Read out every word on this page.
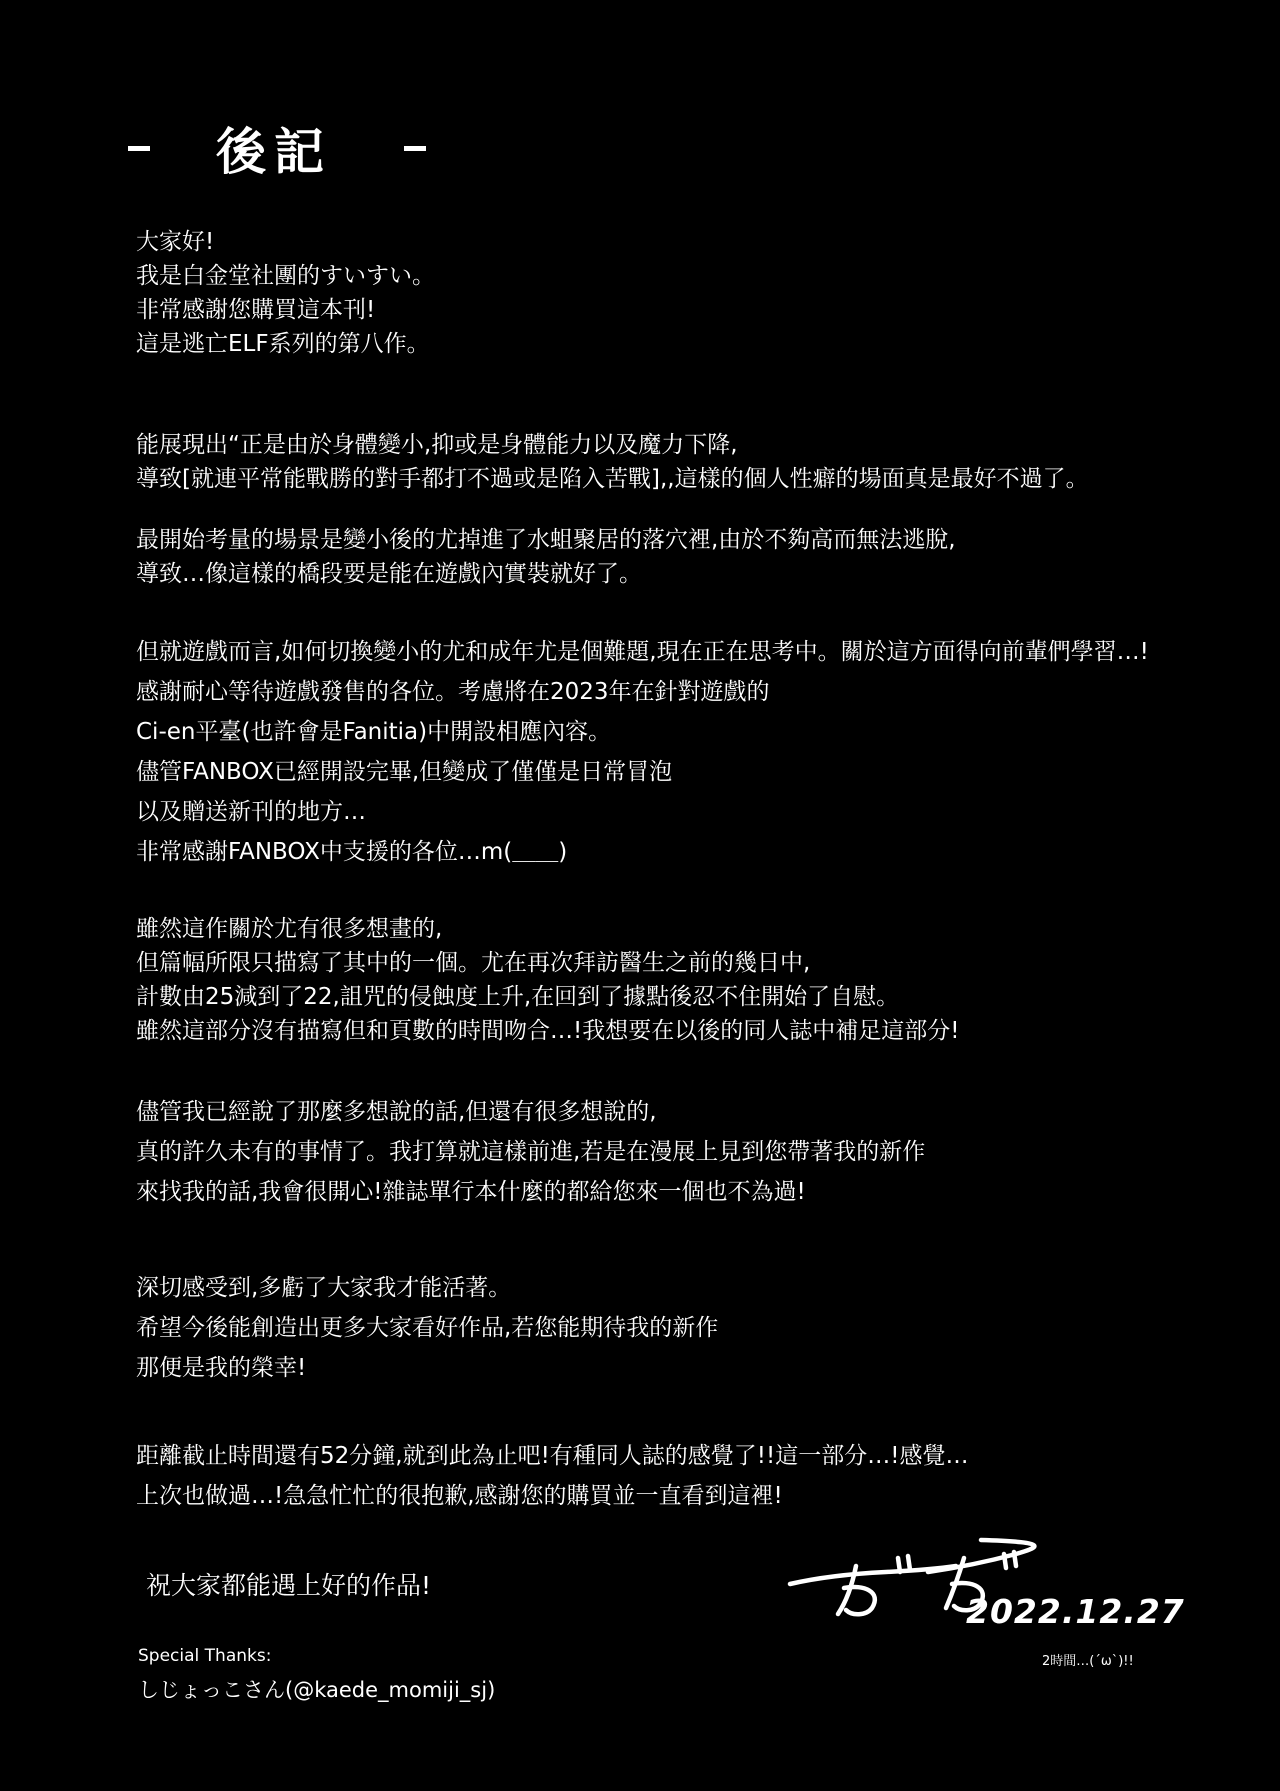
後記
大家好!
我是白金堂社團的すいすい。
非常感謝您購買這本刊!
這是逃亡ELF系列的第八作。
能展現出“正是由於身體變小,抑或是身體能力以及魔力下降,
導致[就連平常能戰勝的對手都打不過或是陷入苦戰],,這樣的個人性癖的場面真是最好不過了。
最開始考量的場景是變小後的尤掉進了水蛆聚居的落穴裡,由於不夠高而無法逃脫,
導致…像這樣的橋段要是能在遊戲內實裝就好了。
但就遊戲而言,如何切換變小的尤和成年尤是個難題,現在正在思考中。關於這方面得向前輩們學習…!
感謝耐心等待遊戲發售的各位。考慮將在2023年在針對遊戲的
Ci-en平臺(也許會是Fanitia)中開設相應內容。
儘管FANBOX已經開設完畢,但變成了僅僅是日常冒泡
以及贈送新刊的地方…
非常感謝FANBOX中支援的各位…m(＿＿)
雖然這作關於尤有很多想畫的,
但篇幅所限只描寫了其中的一個。尤在再次拜訪醫生之前的幾日中,
計數由25減到了22,詛咒的侵蝕度上升,在回到了據點後忍不住開始了自慰。
雖然這部分沒有描寫但和頁數的時間吻合…!我想要在以後的同人誌中補足這部分!
儘管我已經說了那麼多想說的話,但還有很多想說的,
真的許久未有的事情了。我打算就這樣前進,若是在漫展上見到您帶著我的新作
來找我的話,我會很開心!雜誌單行本什麼的都給您來一個也不為過!
深切感受到,多虧了大家我才能活著。
希望今後能創造出更多大家看好作品,若您能期待我的新作
那便是我的榮幸!
距離截止時間還有52分鐘,就到此為止吧!有種同人誌的感覺了!!這一部分…!感覺…
上次也做過…!急急忙忙的很抱歉,感謝您的購買並一直看到這裡!
祝大家都能遇上好的作品!
2022.12.27
2時間…(´ω`)!!
Special Thanks:
しじょっこさん(@kaede_momiji_sj)
